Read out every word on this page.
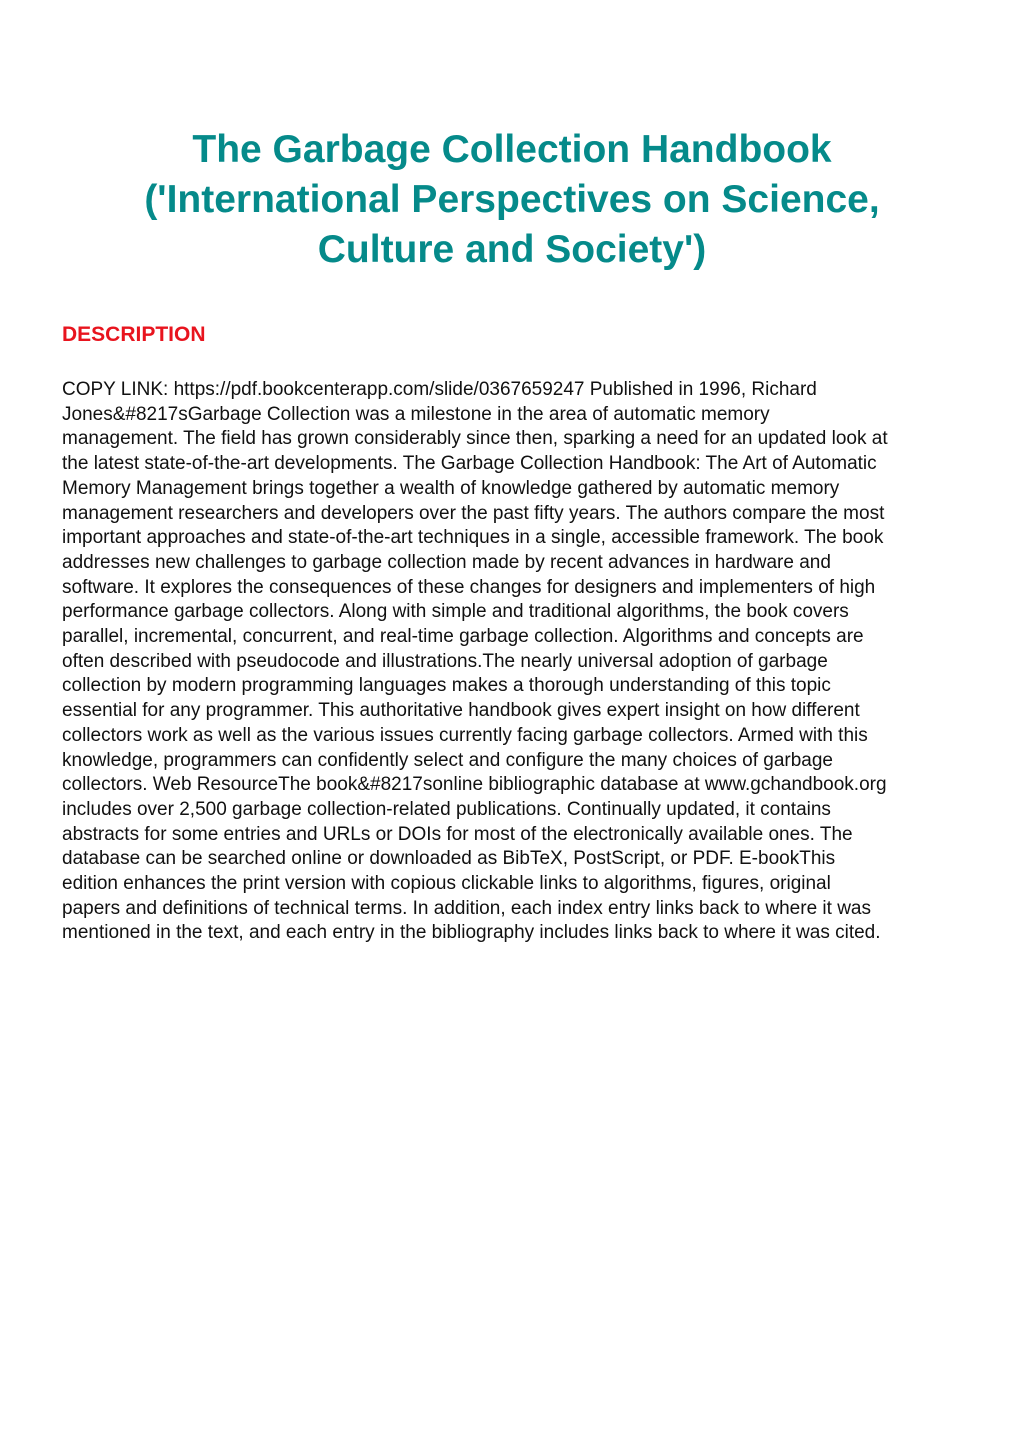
The Garbage Collection Handbook
('International Perspectives on Science,
Culture and Society')
DESCRIPTION

COPY LINK: https://pdf.bookcenterapp.com/slide/0367659247 Published in 1996, Richard
Jones&#8217sGarbage Collection was a milestone in the area of automatic memory
management. The field has grown considerably since then, sparking a need for an updated look at
the latest state-of-the-art developments. The Garbage Collection Handbook: The Art of Automatic
Memory Management brings together a wealth of knowledge gathered by automatic memory
management researchers and developers over the past fifty years. The authors compare the most
important approaches and state-of-the-art techniques in a single, accessible framework. The book
addresses new challenges to garbage collection made by recent advances in hardware and
software. It explores the consequences of these changes for designers and implementers of high
performance garbage collectors. Along with simple and traditional algorithms, the book covers
parallel, incremental, concurrent, and real-time garbage collection. Algorithms and concepts are
often described with pseudocode and illustrations.The nearly universal adoption of garbage
collection by modern programming languages makes a thorough understanding of this topic
essential for any programmer. This authoritative handbook gives expert insight on how different
collectors work as well as the various issues currently facing garbage collectors. Armed with this
knowledge, programmers can confidently select and configure the many choices of garbage
collectors. Web ResourceThe book&#8217sonline bibliographic database at www.gchandbook.org
includes over 2,500 garbage collection-related publications. Continually updated, it contains
abstracts for some entries and URLs or DOIs for most of the electronically available ones. The
database can be searched online or downloaded as BibTeX, PostScript, or PDF. E-bookThis
edition enhances the print version with copious clickable links to algorithms, figures, original
papers and definitions of technical terms. In addition, each index entry links back to where it was
mentioned in the text, and each entry in the bibliography includes links back to where it was cited.
